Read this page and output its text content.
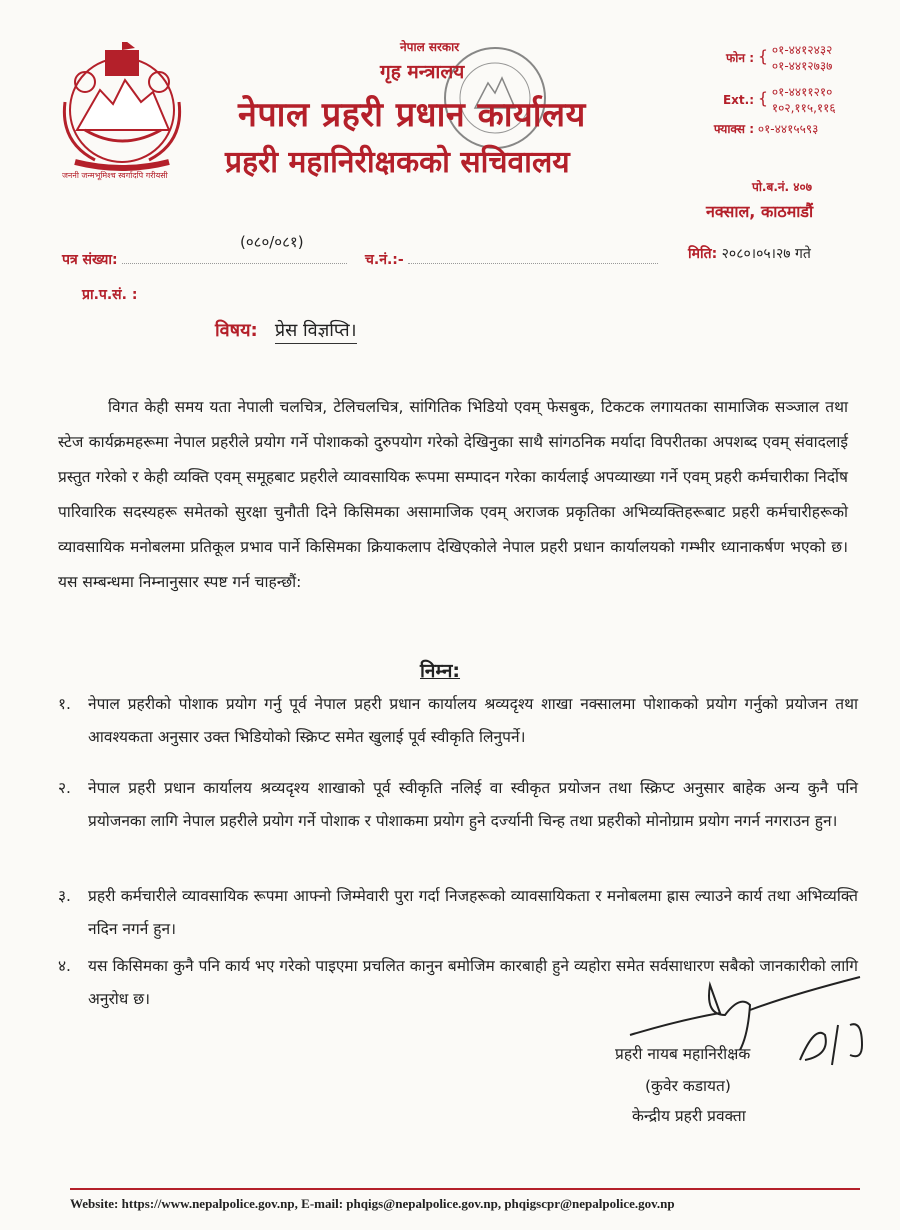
जननी जन्मभूमिश्च स्वर्गादपि गरीयसी
नेपाल सरकार
गृह मन्त्रालय
नेपाल प्रहरी प्रधान कार्यालय
प्रहरी महानिरीक्षकको सचिवालय
फोन : { ०१-४४१२४३२
०१-४४१२७३७
Ext.: { ०१-४४११२१०
१०२,११५,११६
फ्याक्स : ०१-४४१५५९३
पो.ब.नं. ४०७
नक्साल, काठमाडौं
(०८०/०८१)
पत्र संख्या:	च.नं.:-	मिति: २०८०।०५।२७ गते
प्रा.प.सं. :
विषय: प्रेस विज्ञप्ति।

विगत केही समय यता नेपाली चलचित्र, टेलिचलचित्र, सांगितिक भिडियो एवम् फेसबुक, टिकटक लगायतका सामाजिक सञ्जाल तथा स्टेज कार्यक्रमहरूमा नेपाल प्रहरीले प्रयोग गर्ने पोशाकको दुरुपयोग गरेको देखिनुका साथै सांगठनिक मर्यादा विपरीतका अपशब्द एवम् संवादलाई प्रस्तुत गरेको र केही व्यक्ति एवम् समूहबाट प्रहरीले व्यावसायिक रूपमा सम्पादन गरेका कार्यलाई अपव्याख्या गर्ने एवम् प्रहरी कर्मचारीका निर्दोष पारिवारिक सदस्यहरू समेतको सुरक्षा चुनौती दिने किसिमका असामाजिक एवम् अराजक प्रकृतिका अभिव्यक्तिहरूबाट प्रहरी कर्मचारीहरूको व्यावसायिक मनोबलमा प्रतिकूल प्रभाव पार्ने किसिमका क्रियाकलाप देखिएकोले नेपाल प्रहरी प्रधान कार्यालयको गम्भीर ध्यानाकर्षण भएको छ। यस सम्बन्धमा निम्नानुसार स्पष्ट गर्न चाहन्छौं:

निम्न:
१.	नेपाल प्रहरीको पोशाक प्रयोग गर्नु पूर्व नेपाल प्रहरी प्रधान कार्यालय श्रव्यदृश्य शाखा नक्सालमा पोशाकको प्रयोग गर्नुको प्रयोजन तथा आवश्यकता अनुसार उक्त भिडियोको स्क्रिप्ट समेत खुलाई पूर्व स्वीकृति लिनुपर्ने।
२.	नेपाल प्रहरी प्रधान कार्यालय श्रव्यदृश्य शाखाको पूर्व स्वीकृति नलिई वा स्वीकृत प्रयोजन तथा स्क्रिप्ट अनुसार बाहेक अन्य कुनै पनि प्रयोजनका लागि नेपाल प्रहरीले प्रयोग गर्ने पोशाक र पोशाकमा प्रयोग हुने दर्ज्यानी चिन्ह तथा प्रहरीको मोनोग्राम प्रयोग नगर्न नगराउन हुन।
३.	प्रहरी कर्मचारीले व्यावसायिक रूपमा आफ्नो जिम्मेवारी पुरा गर्दा निजहरूको व्यावसायिकता र मनोबलमा ह्रास ल्याउने कार्य तथा अभिव्यक्ति नदिन नगर्न हुन।
४.	यस किसिमका कुनै पनि कार्य भए गरेको पाइएमा प्रचलित कानुन बमोजिम कारबाही हुने व्यहोरा समेत सर्वसाधारण सबैको जानकारीको लागि अनुरोध छ।
प्रहरी नायब महानिरीक्षक
(कुवेर कडायत)
केन्द्रीय प्रहरी प्रवक्ता
Website: https://www.nepalpolice.gov.np, E-mail: phqigs@nepalpolice.gov.np, phqigscpr@nepalpolice.gov.np
